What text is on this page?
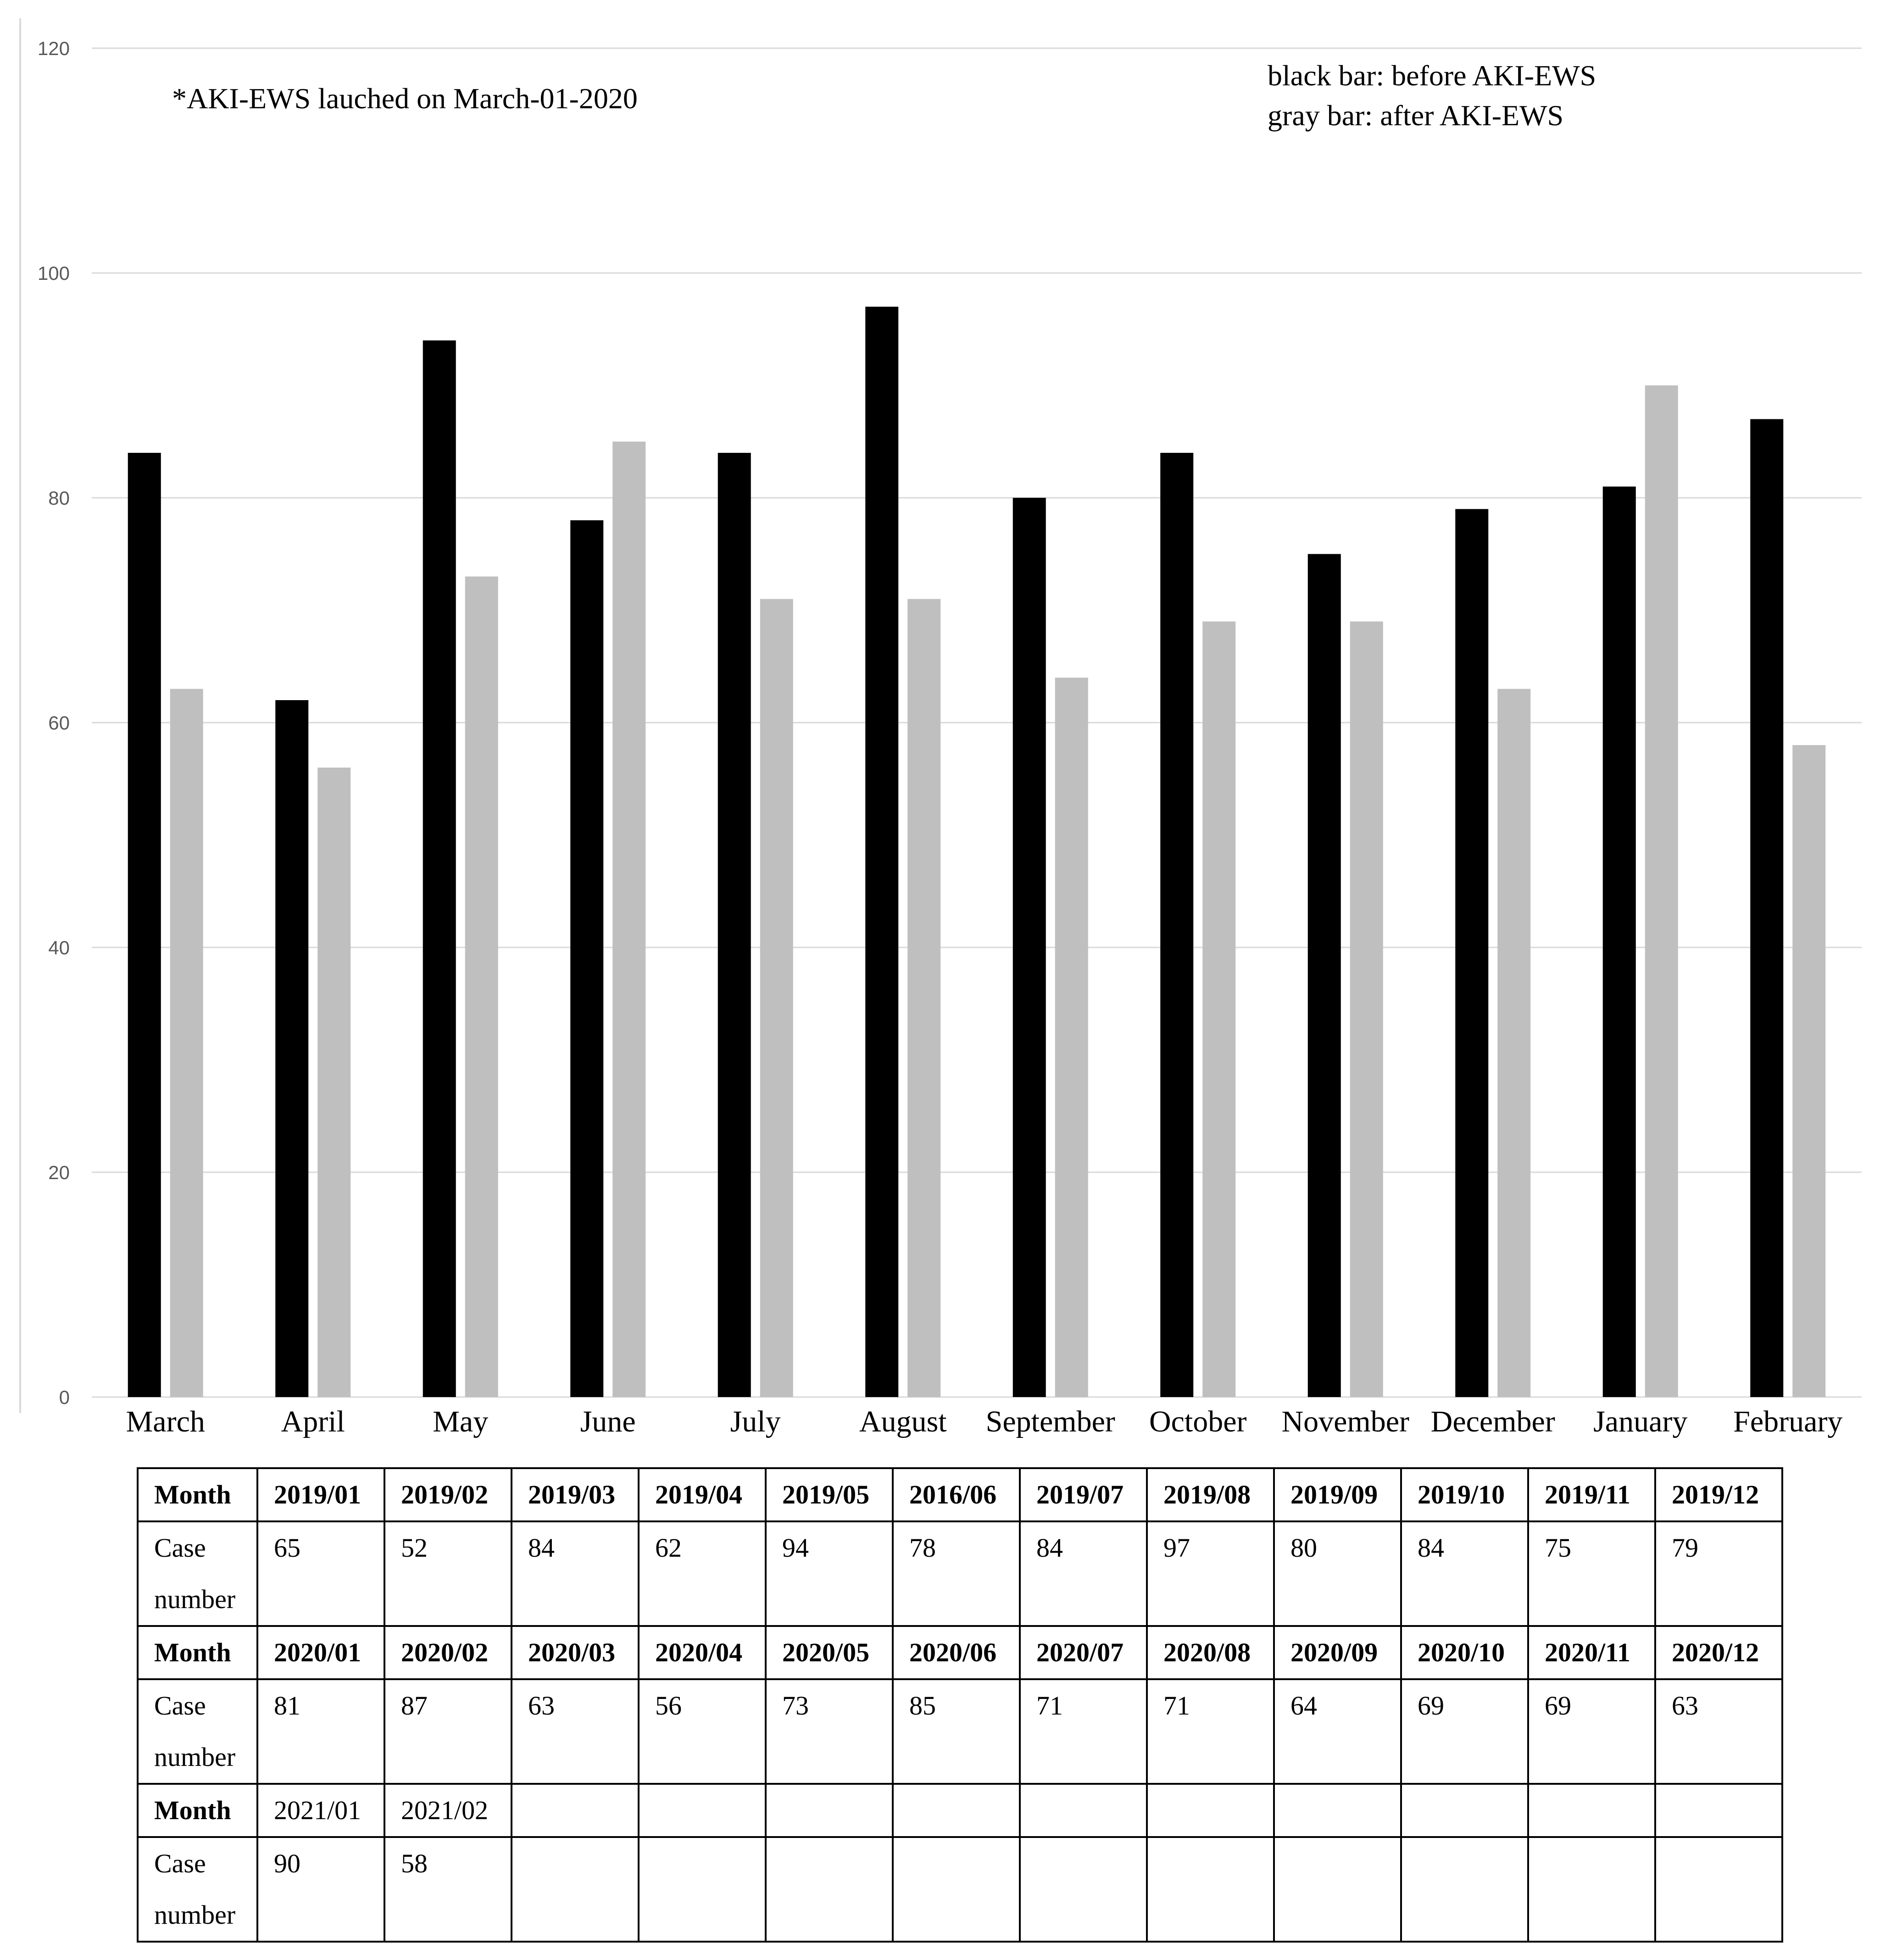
0
20
40
60
80
100
120
March	April	May	June	July	August September October November December January February
*AKI-EWS lauched on March-01-2020
black bar: before AKI-EWS
gray bar: after AKI-EWS
Month	2019/01	2019/02	2019/03	2019/04	2019/05	2016/06	2019/07	2019/08	2019/09	2019/10	2019/11	2019/12
Case
number	65	52	84	62	94	78	84	97	80	84	75	79
Month	2020/01	2020/02	2020/03	2020/04	2020/05	2020/06	2020/07	2020/08	2020/09	2020/10	2020/11	2020/12
Case
number	81	87	63	56	73	85	71	71	64	69	69	63
Month	2021/01	2021/02										
Case
number	90	58										
